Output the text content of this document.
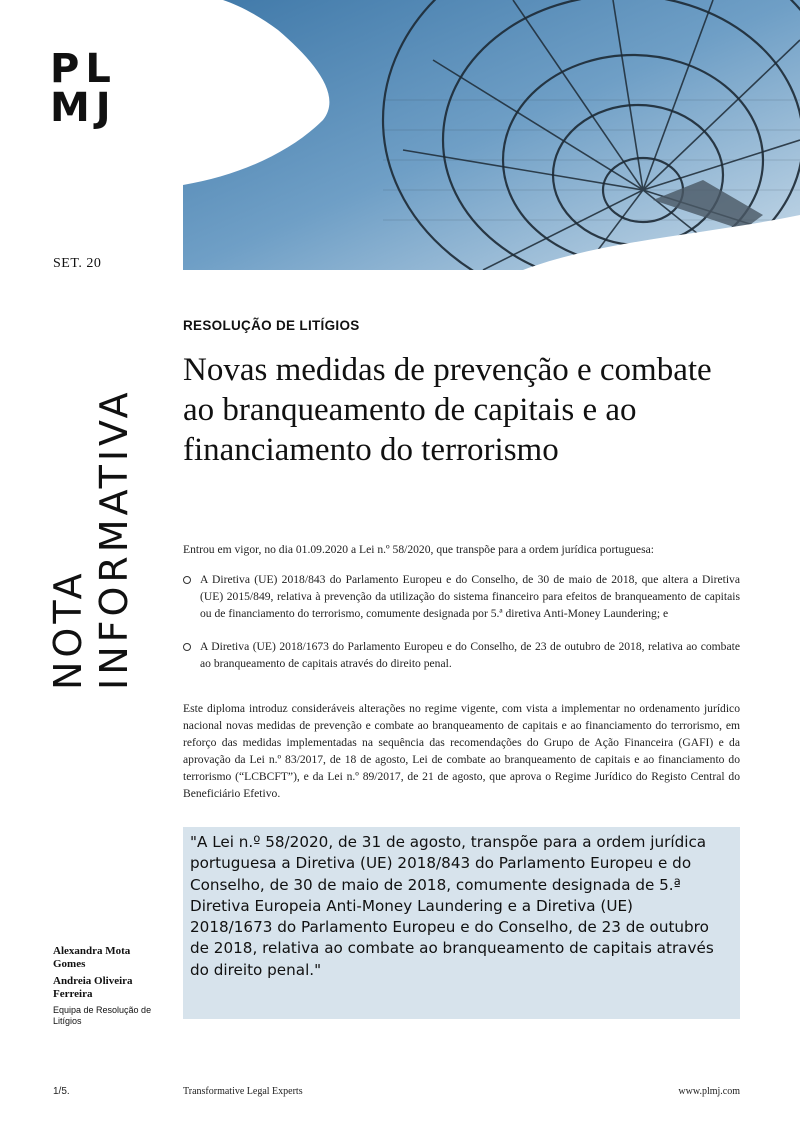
PL
MJ
SET. 20
NOTA INFORMATIVA
RESOLUÇÃO DE LITÍGIOS
Novas medidas de prevenção e combate ao branqueamento de capitais e ao financiamento do terrorismo

Entrou em vigor, no dia 01.09.2020 a Lei n.º 58/2020, que transpõe para a ordem jurídica portuguesa:

A Diretiva (UE) 2018/843 do Parlamento Europeu e do Conselho, de 30 de maio de 2018, que altera a Diretiva (UE) 2015/849, relativa à prevenção da utilização do sistema financeiro para efeitos de branqueamento de capitais ou de financiamento do terrorismo, comumente designada por 5.ª diretiva Anti-Money Laundering; e
A Diretiva (UE) 2018/1673 do Parlamento Europeu e do Conselho, de 23 de outubro de 2018, relativa ao combate ao branqueamento de capitais através do direito penal.

Este diploma introduz consideráveis alterações no regime vigente, com vista a implementar no ordenamento jurídico nacional novas medidas de prevenção e combate ao branqueamento de capitais e ao financiamento do terrorismo, em reforço das medidas implementadas na sequência das recomendações do Grupo de Ação Financeira (GAFI) e da aprovação da Lei n.º 83/2017, de 18 de agosto, Lei de combate ao branqueamento de capitais e ao financiamento do terrorismo (“LCBCFT”), e da Lei n.º 89/2017, de 21 de agosto, que aprova o Regime Jurídico do Registo Central do Beneficiário Efetivo.

"A Lei n.º 58/2020, de 31 de agosto, transpõe para a ordem jurídica portuguesa a Diretiva (UE) 2018/843 do Parlamento Europeu e do Conselho, de 30 de maio de 2018, comumente designada de 5.ª Diretiva Europeia Anti-Money Laundering e a Diretiva (UE) 2018/1673 do Parlamento Europeu e do Conselho, de 23 de outubro de 2018, relativa ao combate ao branqueamento de capitais através do direito penal."
Alexandra Mota Gomes
Andreia Oliveira Ferreira
Equipa de Resolução de Litígios
1/5.	Transformative Legal Experts	www.plmj.com
